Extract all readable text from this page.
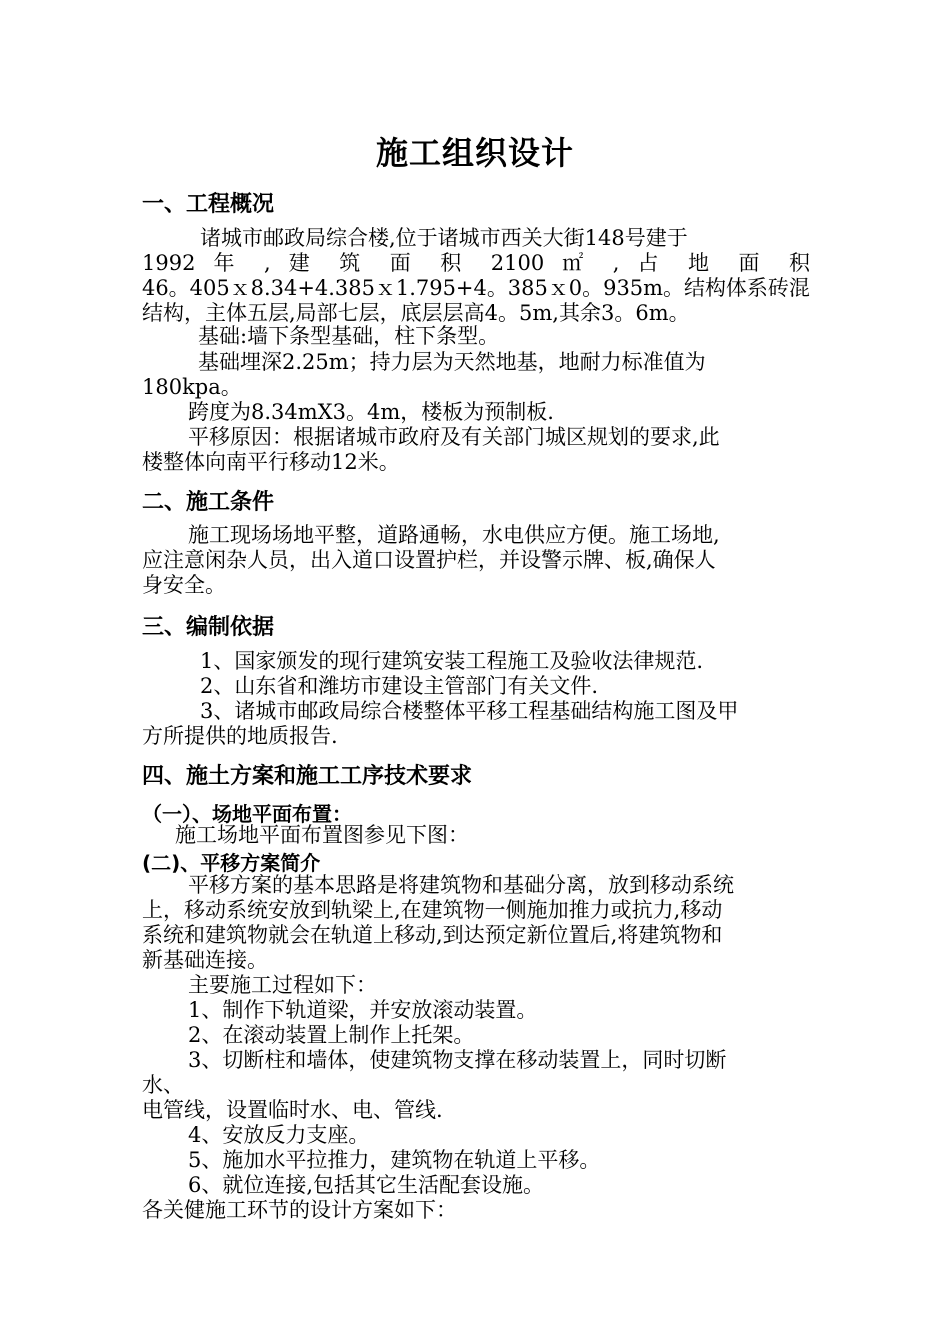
施工组织设计
一、工程概况
诸城市邮政局综合楼,位于诸城市西关大街148号建于
1992 年 , 建 筑 面 积 2100 ㎡ , 占 地 面 积
46。405ｘ8.34+4.385ｘ1.795+4。385ｘ0。935m。结构体系砖混
结构，主体五层,局部七层，底层层高4。5m,其余3。6m。
基础:墙下条型基础，柱下条型。
基础埋深2.25m；持力层为天然地基，地耐力标准值为
180kpa。
跨度为8.34mX3。4m，楼板为预制板.
平移原因：根据诸城市政府及有关部门城区规划的要求,此
楼整体向南平行移动12米。
二、施工条件
施工现场场地平整，道路通畅，水电供应方便。施工场地,
应注意闲杂人员，出入道口设置护栏，并设警示牌、板,确保人
身安全。
三、编制依据
1、国家颁发的现行建筑安装工程施工及验收法律规范.
2、山东省和潍坊市建设主管部门有关文件.
3、诸城市邮政局综合楼整体平移工程基础结构施工图及甲
方所提供的地质报告.
四、施土方案和施工工序技术要求
（一）、场地平面布置：
施工场地平面布置图参见下图：
(二)、平移方案简介
平移方案的基本思路是将建筑物和基础分离，放到移动系统
上，移动系统安放到轨梁上,在建筑物一侧施加推力或抗力,移动
系统和建筑物就会在轨道上移动,到达预定新位置后,将建筑物和
新基础连接。
主要施工过程如下：
1、制作下轨道梁，并安放滚动装置。
2、在滚动装置上制作上托架。
3、切断柱和墙体，使建筑物支撑在移动装置上，同时切断
水、
电管线，设置临时水、电、管线.
4、安放反力支座。
5、施加水平拉推力，建筑物在轨道上平移。
6、就位连接,包括其它生活配套设施。
各关健施工环节的设计方案如下：
